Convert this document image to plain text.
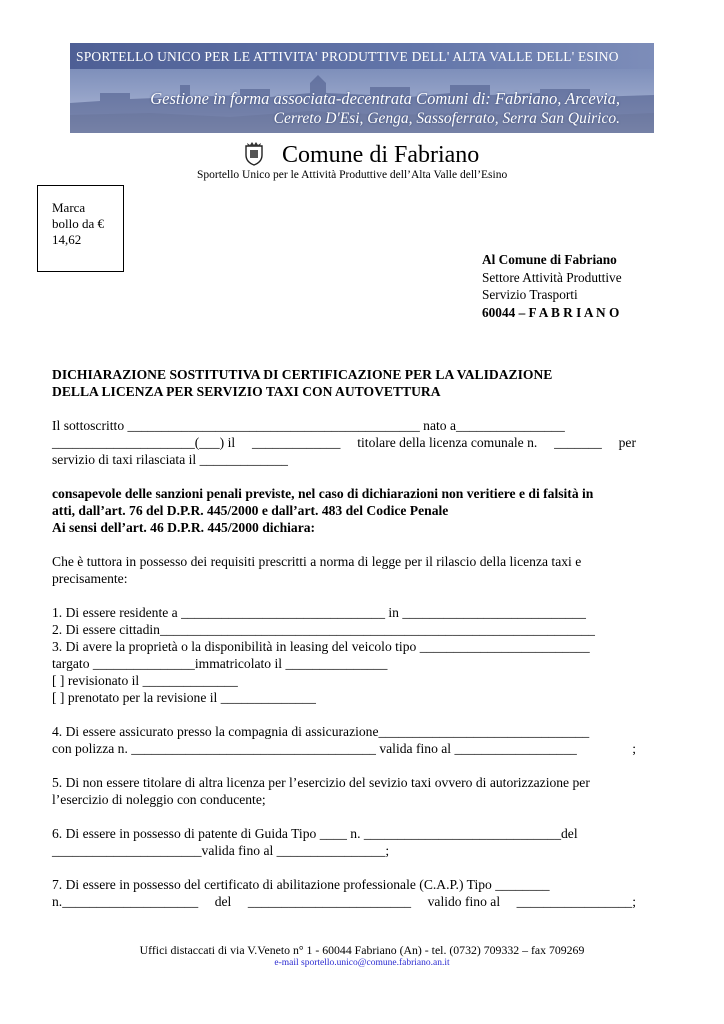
SPORTELLO UNICO PER LE ATTIVITA' PRODUTTIVE DELL' ALTA VALLE DELL' ESINO
Gestione in forma associata-decentrata Comuni di: Fabriano, Arcevia,
Cerreto D'Esi, Genga, Sassoferrato, Serra San Quirico.
Comune di Fabriano
Sportello Unico per le Attività Produttive dell’Alta Valle dell’Esino
Marca
bollo da €
14,62
Al Comune di Fabriano
Settore Attività Produttive
Servizio Trasporti
60044 – F A B R I A N O
DICHIARAZIONE SOSTITUTIVA DI CERTIFICAZIONE PER LA VALIDAZIONE
DELLA LICENZA PER SERVIZIO TAXI CON AUTOVETTURA
Il sottoscritto ___________________________________________ nato a________________
_____________________(___) il _____________ titolare della licenza comunale n. _______ per
servizio di taxi rilasciata il _____________
consapevole delle sanzioni penali previste, nel caso di dichiarazioni non veritiere e di falsità in
atti, dall’art. 76 del D.P.R. 445/2000 e dall’art. 483 del Codice Penale
Ai sensi dell’art. 46 D.P.R. 445/2000 dichiara:
Che è tuttora in possesso dei requisiti prescritti a norma di legge per il rilascio della licenza taxi e
precisamente:
1. Di essere residente a ______________________________ in ___________________________
2. Di essere cittadin________________________________________________________________
3. Di avere la proprietà o la disponibilità in leasing del veicolo tipo _________________________
targato _______________immatricolato il _______________
[ ] revisionato il ______________
[ ] prenotato per la revisione il ______________
4. Di essere assicurato presso la compagnia di assicurazione_______________________________
con polizza n. ____________________________________ valida fino al __________________	;
5. Di non essere titolare di altra licenza per l’esercizio del sevizio taxi ovvero di autorizzazione per
l’esercizio di noleggio con conducente;
6. Di essere in possesso di patente di Guida Tipo ____ n. _____________________________del
______________________valida fino al ________________;
7. Di essere in possesso del certificato di abilitazione professionale (C.A.P.) Tipo ________
n.____________________ del ________________________ valido fino al _________________;
Uffici distaccati di via V.Veneto n° 1 - 60044 Fabriano (An) - tel. (0732) 709332 – fax 709269
e-mail sportello.unico@comune.fabriano.an.it
